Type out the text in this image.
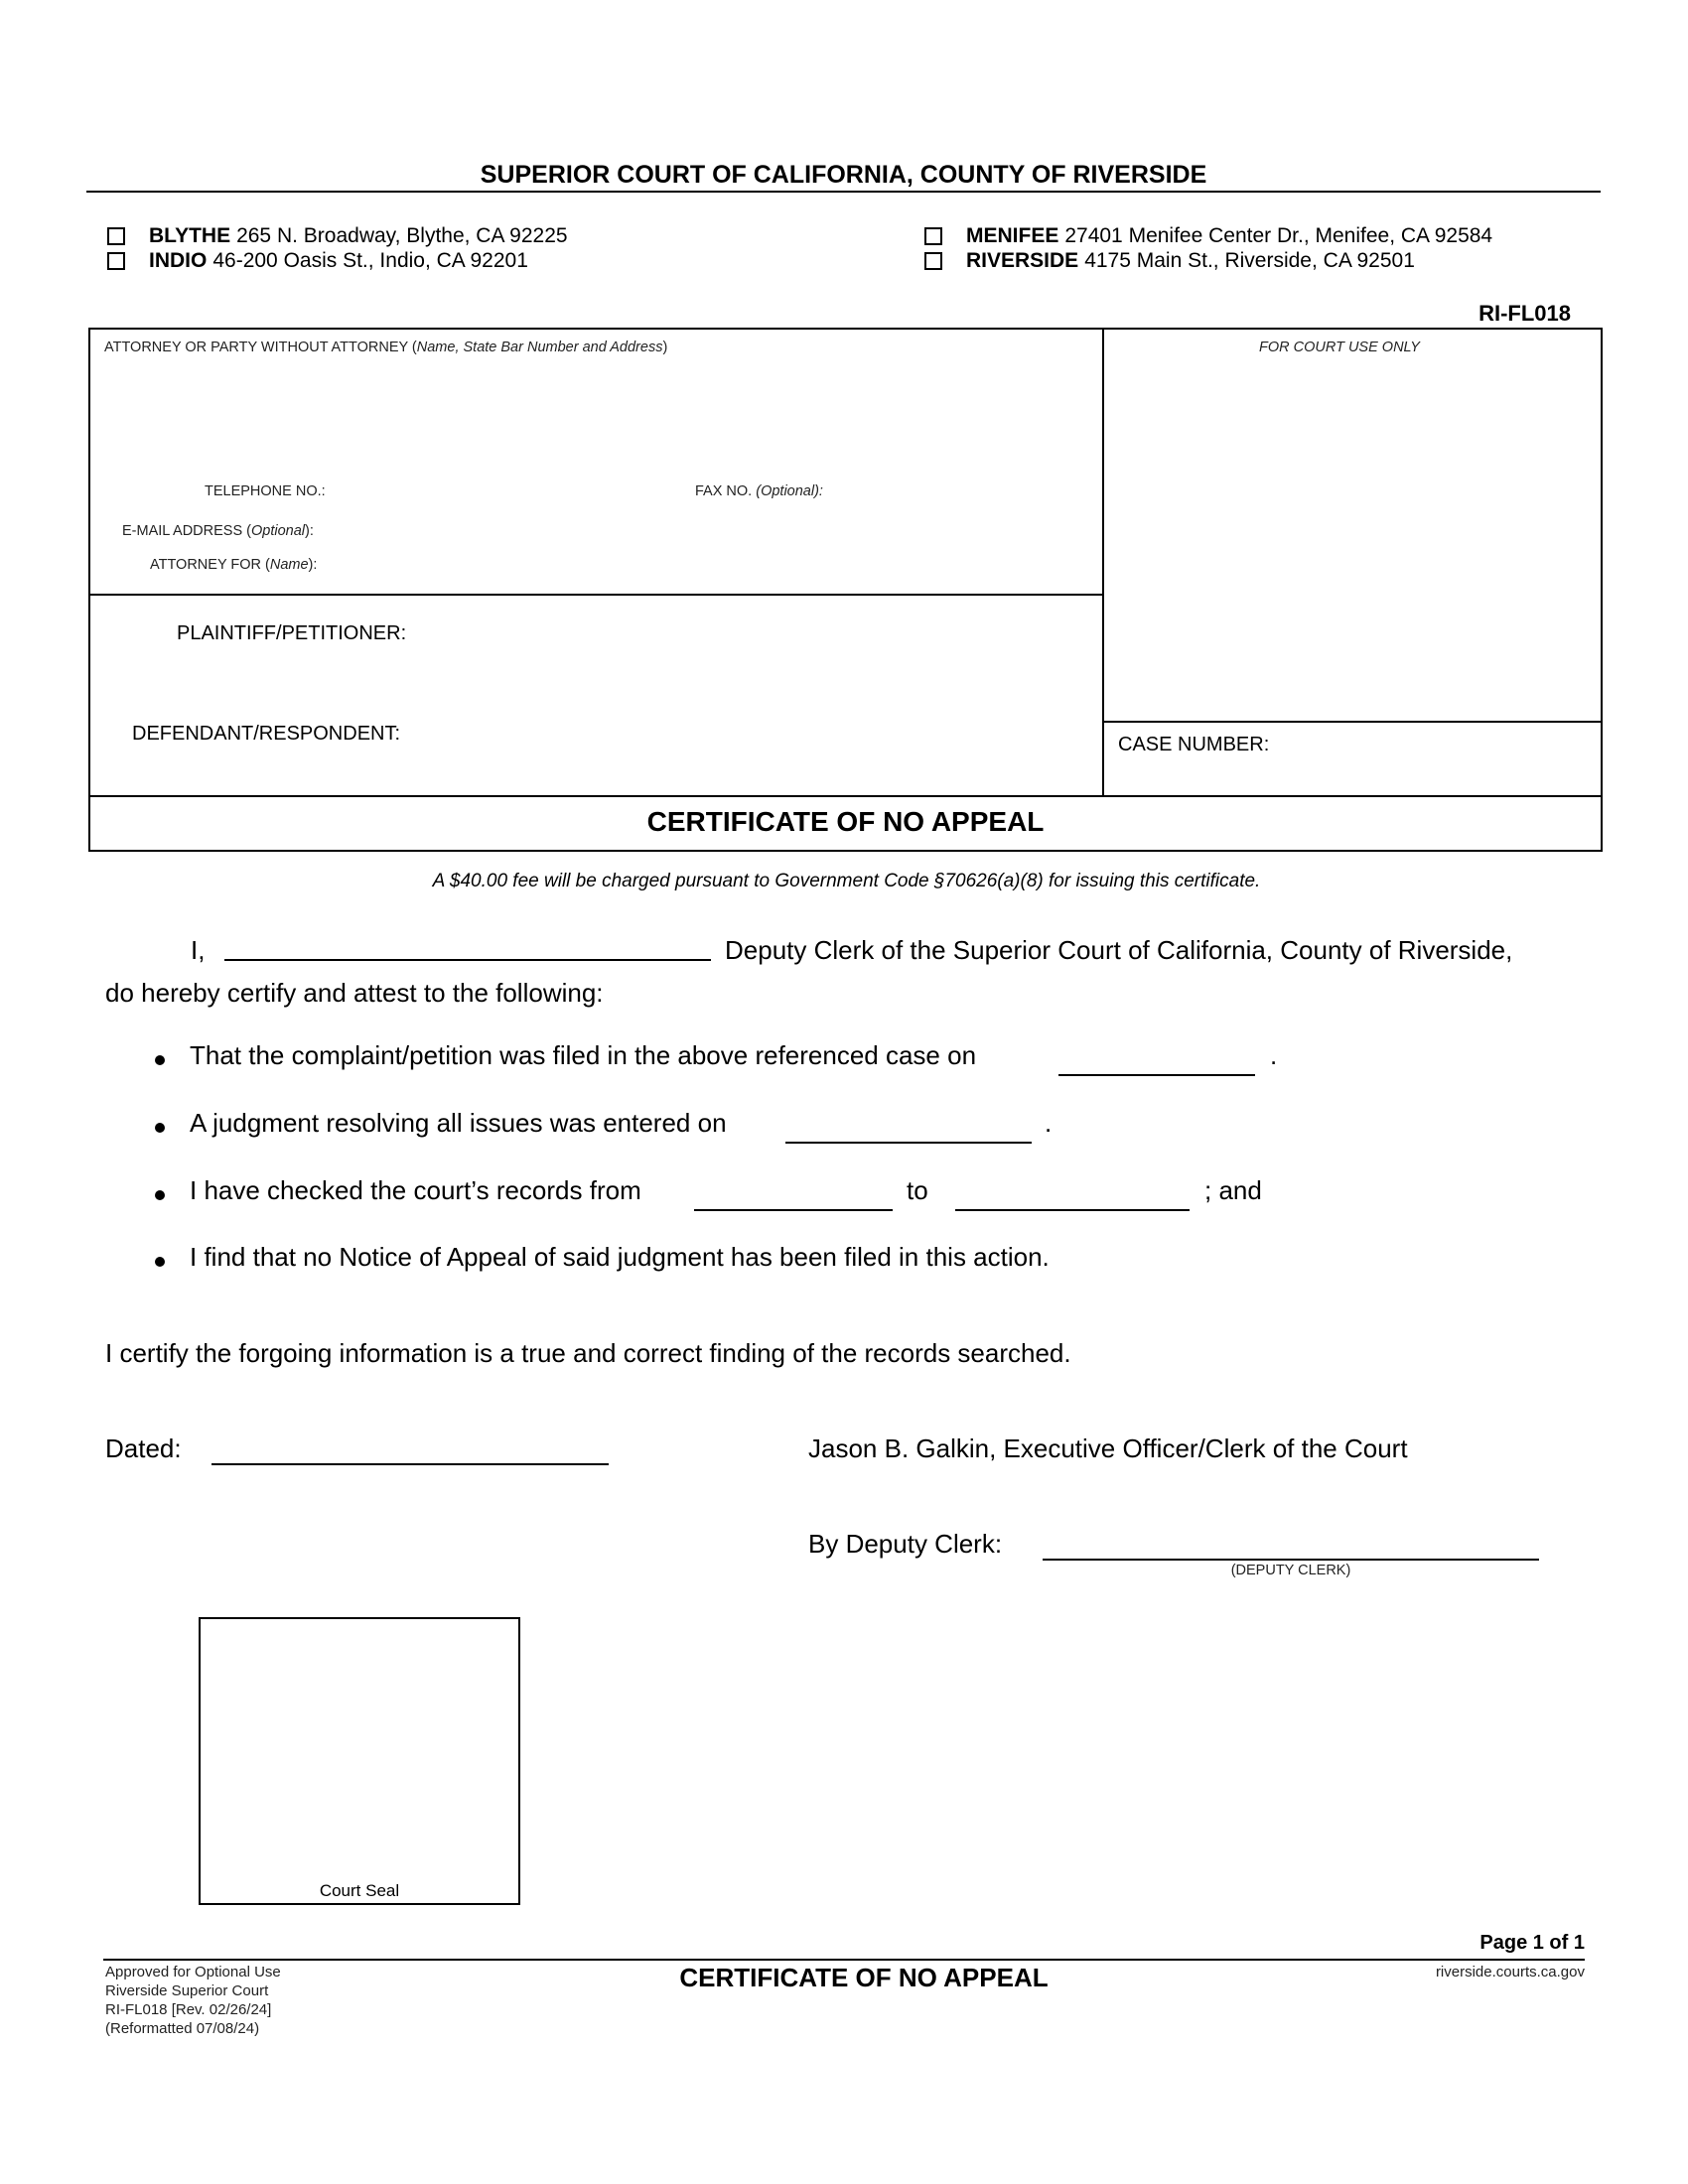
SUPERIOR COURT OF CALIFORNIA, COUNTY OF RIVERSIDE
BLYTHE 265 N. Broadway, Blythe, CA 92225
INDIO 46-200 Oasis St., Indio, CA 92201
MENIFEE 27401 Menifee Center Dr., Menifee, CA 92584
RIVERSIDE 4175 Main St., Riverside, CA 92501
RI-FL018
ATTORNEY OR PARTY WITHOUT ATTORNEY (Name, State Bar Number and Address)	FOR COURT USE ONLY
TELEPHONE NO.:	FAX NO. (Optional):
E-MAIL ADDRESS (Optional):
ATTORNEY FOR (Name):
PLAINTIFF/PETITIONER:
DEFENDANT/RESPONDENT:	CASE NUMBER:
CERTIFICATE OF NO APPEAL
A $40.00 fee will be charged pursuant to Government Code §70626(a)(8) for issuing this certificate.
I,	Deputy Clerk of the Superior Court of California, County of Riverside,
do hereby certify and attest to the following:
That the complaint/petition was filed in the above referenced case on	.
A judgment resolving all issues was entered on	.
I have checked the court’s records from	to	; and
I find that no Notice of Appeal of said judgment has been filed in this action.
I certify the forgoing information is a true and correct finding of the records searched.
Dated:	Jason B. Galkin, Executive Officer/Clerk of the Court
By Deputy Clerk:
(DEPUTY CLERK)
Court Seal
Page 1 of 1
Approved for Optional Use
Riverside Superior Court
RI-FL018 [Rev. 02/26/24]
(Reformatted 07/08/24)
CERTIFICATE OF NO APPEAL	riverside.courts.ca.gov
